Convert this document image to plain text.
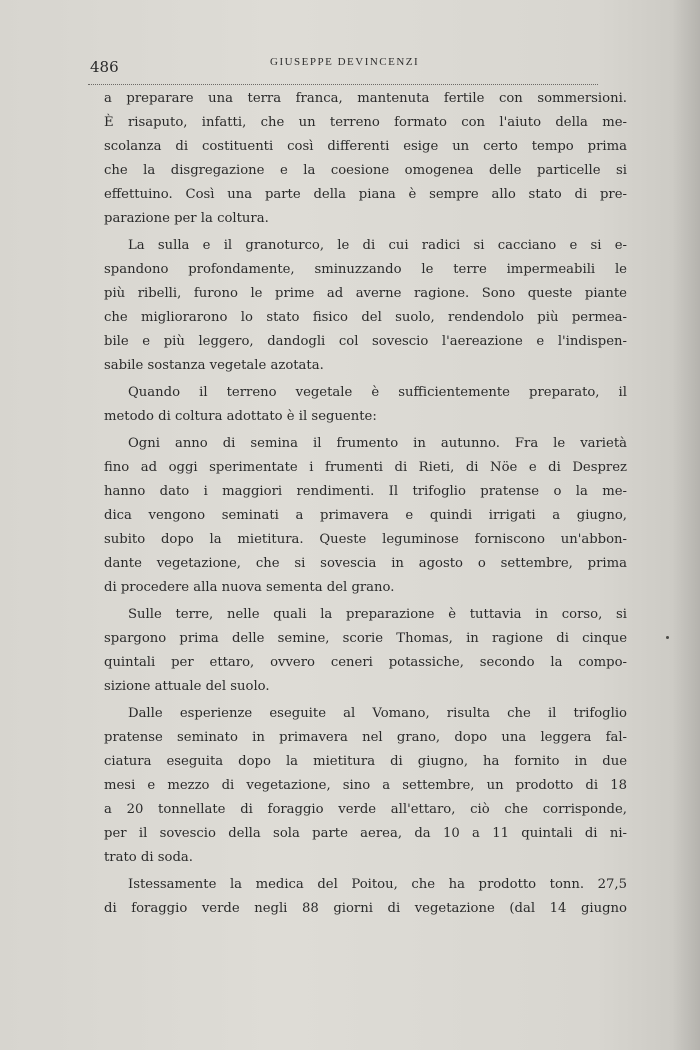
486	GIUSEPPE DEVINCENZI

a preparare una terra franca, mantenuta fertile con sommersioni.
È risaputo, infatti, che un terreno formato con l'aiuto della me-
scolanza di costituenti così differenti esige un certo tempo prima
che la disgregazione e la coesione omogenea delle particelle si
effettuino. Così una parte della piana è sempre allo stato di pre-
parazione per la coltura.

La sulla e il granoturco, le di cui radici si cacciano e si e-
spandono profondamente, sminuzzando le terre impermeabili le
più ribelli, furono le prime ad averne ragione. Sono queste piante
che migliorarono lo stato fisico del suolo, rendendolo più permea-
bile e più leggero, dandogli col sovescio l'aereazione e l'indispen-
sabile sostanza vegetale azotata.

Quando il terreno vegetale è sufficientemente preparato, il
metodo di coltura adottato è il seguente:

Ogni anno di semina il frumento in autunno. Fra le varietà
fino ad oggi sperimentate i frumenti di Rieti, di Nöe e di Desprez
hanno dato i maggiori rendimenti. Il trifoglio pratense o la me-
dica vengono seminati a primavera e quindi irrigati a giugno,
subito dopo la mietitura. Queste leguminose forniscono un'abbon-
dante vegetazione, che si sovescia in agosto o settembre, prima
di procedere alla nuova sementa del grano.

Sulle terre, nelle quali la preparazione è tuttavia in corso, si
spargono prima delle semine, scorie Thomas, in ragione di cinque
quintali per ettaro, ovvero ceneri potassiche, secondo la compo-
sizione attuale del suolo.

Dalle esperienze eseguite al Vomano, risulta che il trifoglio
pratense seminato in primavera nel grano, dopo una leggera fal-
ciatura eseguita dopo la mietitura di giugno, ha fornito in due
mesi e mezzo di vegetazione, sino a settembre, un prodotto di 18
a 20 tonnellate di foraggio verde all'ettaro, ciò che corrisponde,
per il sovescio della sola parte aerea, da 10 a 11 quintali di ni-
trato di soda.

Istessamente la medica del Poitou, che ha prodotto tonn. 27,5
di foraggio verde negli 88 giorni di vegetazione (dal 14 giugno
